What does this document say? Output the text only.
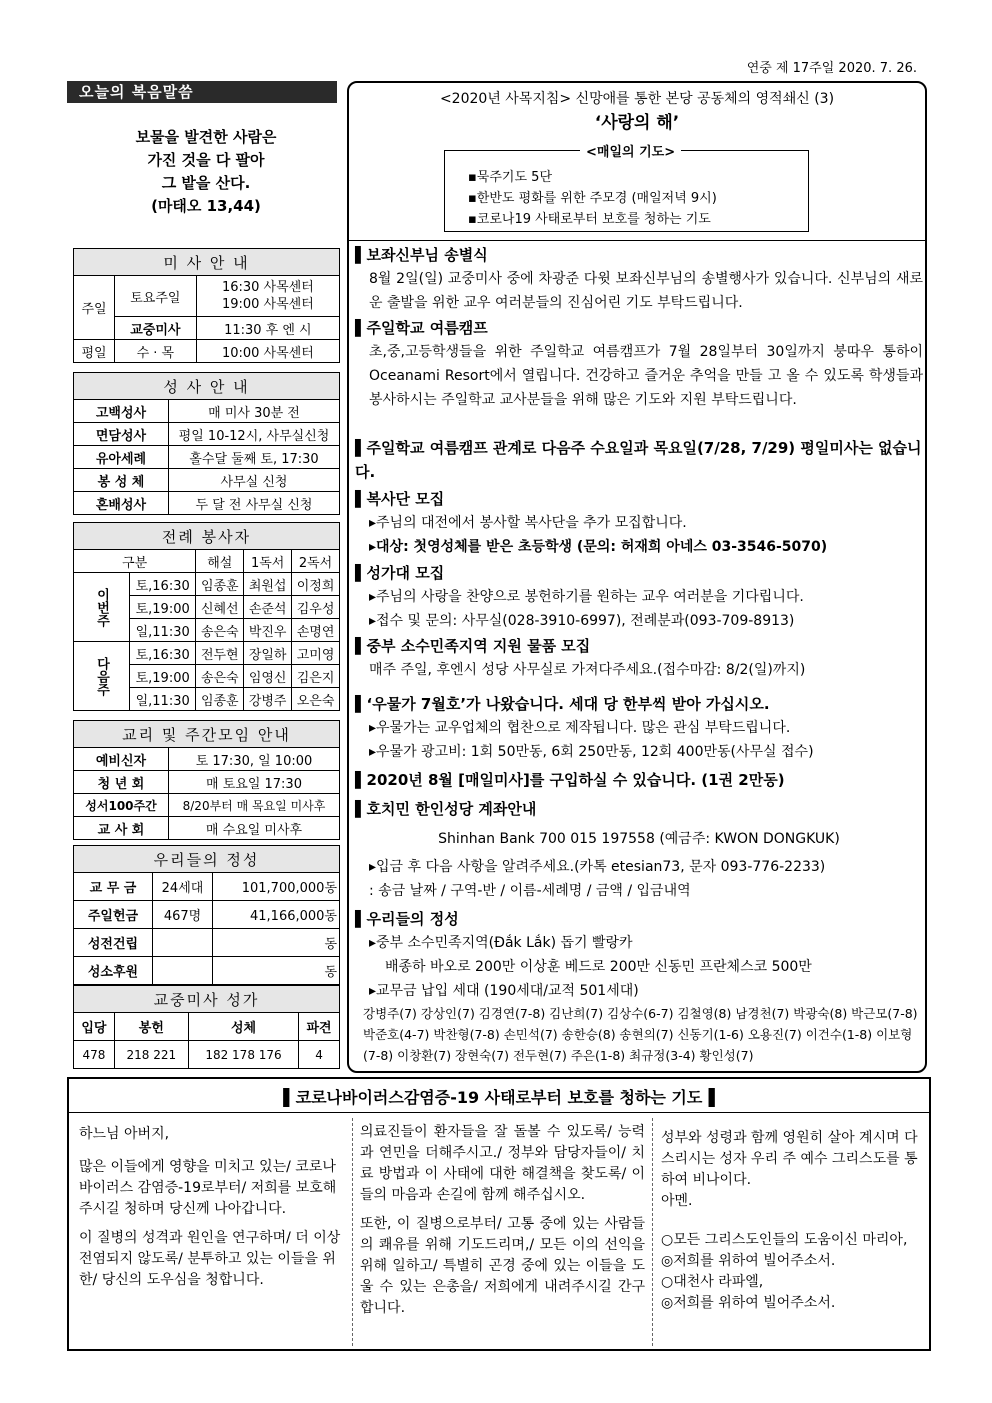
연중 제 17주일 2020. 7. 26.
오늘의 복음말씀
보물을 발견한 사람은
가진 것을 다 팔아
그 밭을 산다.
(마태오 13,44)
미 사 안 내		
주일	토요주일	16:30 사목센터
19:00 사목센터

	교중미사	11:30 후 엔 시
평일	수 · 목	10:00 사목센터
성 사 안 내	
고백성사	매 미사 30분 전
면담성사	평일 10-12시, 사무실신청
유아세례	홀수달 둘째 토, 17:30
봉 성 체	사무실 신청
혼배성사	두 달 전 사무실 신청
전례 봉사자				
구분		해설	1독서	2독서
이번주	토,16:30	임종훈	최원섭	이정희
	토,19:00	신혜선	손준석	김우성
	일,11:30	송은숙	박진우	손명연
다음주	토,16:30	전두현	장일하	고미영
	토,19:00	송은숙	임영신	김은지
	일,11:30	임종훈	강병주	오은숙
교리 및 주간모임 안내	
예비신자	토 17:30, 일 10:00
청 년 회	매 토요일 17:30
성서100주간	8/20부터 매 목요일 미사후
교 사 회	매 수요일 미사후
우리들의 정성		
교 무 금	24세대	101,700,000동
주일헌금	467명	41,166,000동
성전건립		동
성소후원		동
교중미사 성가			
입당	봉헌	성체	파견
478	218 221	182 178 176	4
<2020년 사목지침> 신망애를 통한 본당 공동체의 영적쇄신 (3)
‘사랑의 해’
<매일의 기도>
▪묵주기도 5단
▪한반도 평화를 위한 주모경 (매일저녁 9시)
▪코로나19 사태로부터 보호를 청하는 기도
▌보좌신부님 송별식
8월 2일(일) 교중미사 중에 차광준 다윗 보좌신부님의 송별행사가 있습니다. 신부님의 새로운 출발을 위한 교우 여러분들의 진심어린 기도 부탁드립니다.
▌주일학교 여름캠프
초,중,고등학생들을 위한 주일학교 여름캠프가 7월 28일부터 30일까지 붕따우 통하이 Oceanami Resort에서 열립니다. 건강하고 즐거운 추억을 만들 고 올 수 있도록 학생들과 봉사하시는 주일학교 교사분들을 위해 많은 기도와 지원 부탁드립니다.
▌주일학교 여름캠프 관계로 다음주 수요일과 목요일(7/28, 7/29) 평일미사는 없습니다.
▌복사단 모집
▸주님의 대전에서 봉사할 복사단을 추가 모집합니다.
▸대상: 첫영성체를 받은 초등학생 (문의: 허재희 아네스 03-3546-5070)
▌성가대 모집
▸주님의 사랑을 찬양으로 봉헌하기를 원하는 교우 여러분을 기다립니다.
▸접수 및 문의: 사무실(028-3910-6997), 전례분과(093-709-8913)
▌중부 소수민족지역 지원 물품 모집
매주 주일, 후엔시 성당 사무실로 가져다주세요.(접수마감: 8/2(일)까지)
▌‘우물가 7월호’가 나왔습니다. 세대 당 한부씩 받아 가십시오.
▸우물가는 교우업체의 협찬으로 제작됩니다. 많은 관심 부탁드립니다.
▸우물가 광고비: 1회 50만동, 6회 250만동, 12회 400만동(사무실 접수)
▌2020년 8월 [매일미사]를 구입하실 수 있습니다. (1권 2만동)
▌호치민 한인성당 계좌안내
Shinhan Bank 700 015 197558 (예금주: KWON DONGKUK)
▸입금 후 다음 사항을 알려주세요.(카톡 etesian73, 문자 093-776-2233)
: 송금 날짜 / 구역-반 / 이름-세례명 / 금액 / 입금내역
▌우리들의 정성
▸중부 소수민족지역(Đắk Lắk) 돕기 빨랑카
배종하 바오로 200만 이상훈 베드로 200만 신동민 프란체스코 500만
▸교무금 납입 세대 (190세대/교적 501세대)
강병주(7) 강상인(7) 김경연(7-8) 김난희(7) 김상수(6-7) 김철영(8) 남경천(7) 박광숙(8) 박근모(7-8) 박준호(4-7) 박찬형(7-8) 손민석(7) 송한승(8) 송현의(7) 신동기(1-6) 오용진(7) 이건수(1-8) 이보형(7-8) 이창환(7) 장현숙(7) 전두현(7) 주은(1-8) 최규정(3-4) 황인성(7)
▌코로나바이러스감염증-19 사태로부터 보호를 청하는 기도▐

하느님 아버지,

많은 이들에게 영향을 미치고 있는/ 코로나 바이러스 감염증-19로부터/ 저희를 보호해주시길 청하며 당신께 나아갑니다.

이 질병의 성격과 원인을 연구하며/ 더 이상 전염되지 않도록/ 분투하고 있는 이들을 위한/ 당신의 도우심을 청합니다.

의료진들이 환자들을 잘 돌볼 수 있도록/ 능력과 연민을 더해주시고./ 정부와 담당자들이/ 치료 방법과 이 사태에 대한 해결책을 찾도록/ 이들의 마음과 손길에 함께 해주십시오.

또한, 이 질병으로부터/ 고통 중에 있는 사람들의 쾌유를 위해 기도드리며,/ 모든 이의 선익을 위해 일하고/ 특별히 곤경 중에 있는 이들을 도울 수 있는 은총을/ 저희에게 내려주시길 간구합니다.

성부와 성령과 함께 영원히 살아 계시며 다스리시는 성자 우리 주 예수 그리스도를 통하여 비나이다.

아멘.

○모든 그리스도인들의 도움이신 마리아,

◎저희를 위하여 빌어주소서.

○대천사 라파엘,

◎저희를 위하여 빌어주소서.
